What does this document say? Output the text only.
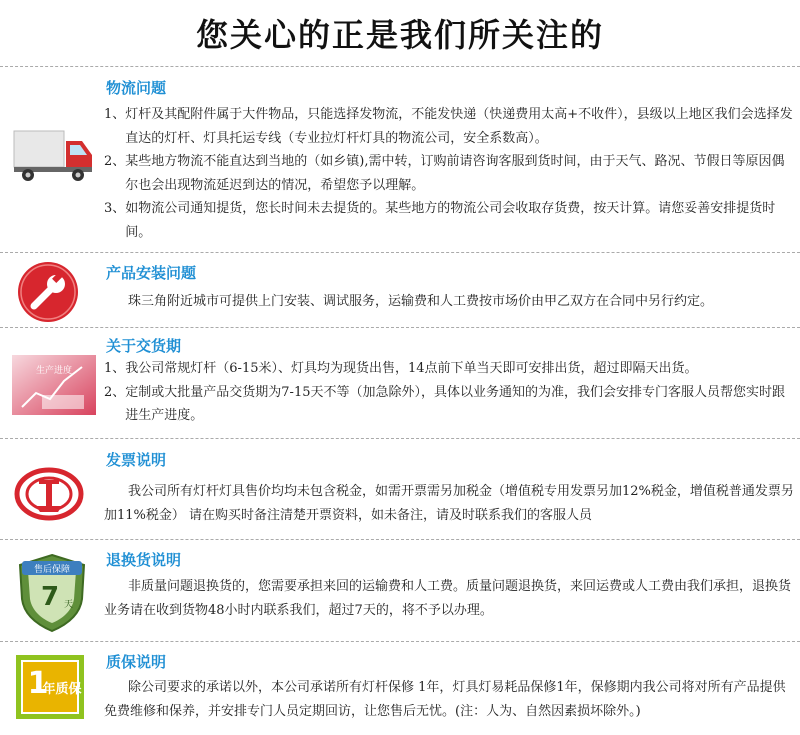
您关心的正是我们所关注的
物流问题
1、 灯杆及其配附件属于大件物品，只能选择发物流，不能发快递（快递费用太高+不收件），县级以上地区我们会选择发直达的灯杆、灯具托运专线（专业拉灯杆灯具的物流公司，安全系数高）。
2、 某些地方物流不能直达到当地的（如乡镇),需中转，订购前请咨询客服到货时间，由于天气、路况、节假日等原因偶尔也会出现物流延迟到达的情况，希望您予以理解。
3、 如物流公司通知提货，您长时间未去提货的。某些地方的物流公司会收取存货费，按天计算。请您妥善安排提货时间。
产品安装问题
珠三角附近城市可提供上门安装、调试服务，运输费和人工费按市场价由甲乙双方在合同中另行约定。
生产进度
关于交货期
1、 我公司常规灯杆（6-15米）、灯具均为现货出售，14点前下单当天即可安排出货，超过即隔天出货。
2、 定制或大批量产品交货期为7-15天不等（加急除外），具体以业务通知的为准，我们会安排专门客服人员帮您实时跟进生产进度。
发票说明
我公司所有灯杆灯具售价均均未包含税金，如需开票需另加税金（增值税专用发票另加12%税金，增值税普通发票另加11%税金） 请在购买时备注清楚开票资料，如未备注，请及时联系我们的客服人员
售后保障
7 天
退换货说明
非质量问题退换货的，您需要承担来回的运输费和人工费。质量问题退换货，来回运费或人工费由我们承担，退换货业务请在收到货物48小时内联系我们，超过7天的，将不予以办理。
1
年质保
质保说明
除公司要求的承诺以外，本公司承诺所有灯杆保修 1年，灯具灯易耗品保修1年，保修期内我公司将对所有产品提供免费维修和保养，并安排专门人员定期回访，让您售后无忧。(注：人为、自然因素损坏除外。)
